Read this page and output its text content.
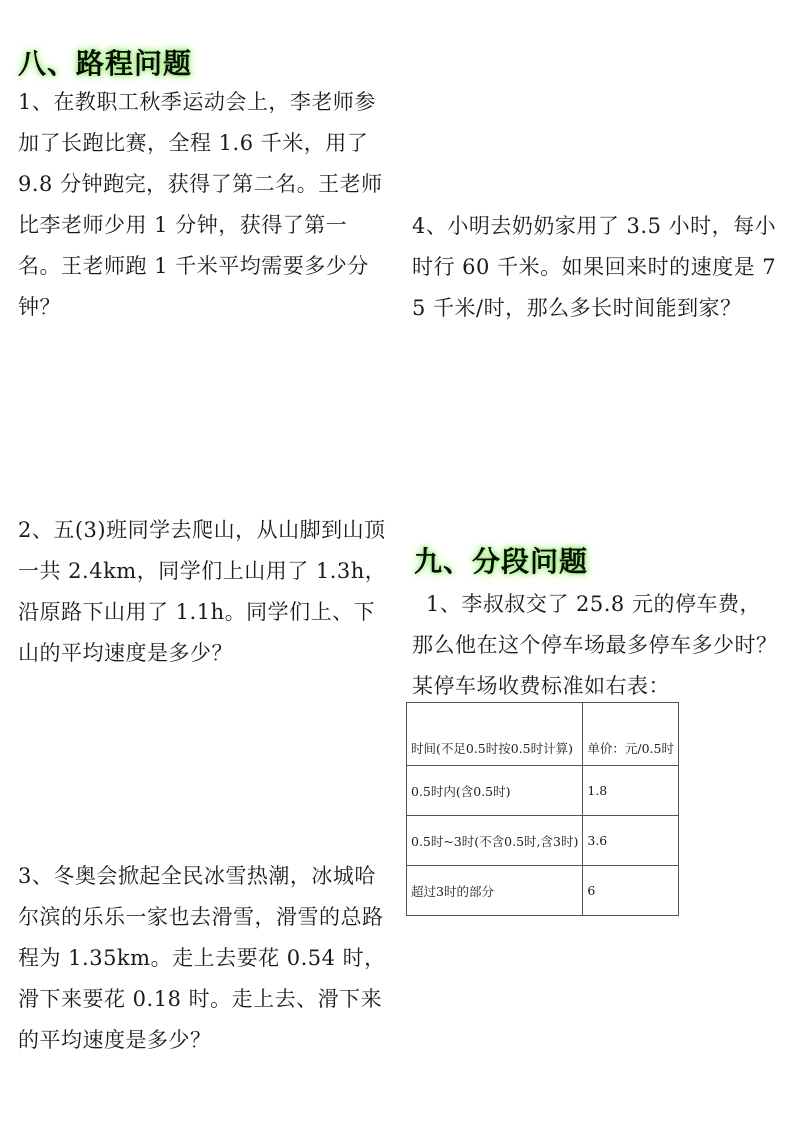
八、路程问题
1、在教职工秋季运动会上，李老师参加了长跑比赛，全程 1.6 千米，用了 9.8 分钟跑完，获得了第二名。王老师比李老师少用 1 分钟，获得了第一名。王老师跑 1 千米平均需要多少分钟？
2、五(3)班同学去爬山，从山脚到山顶一共 2.4km，同学们上山用了 1.3h，沿原路下山用了 1.1h。同学们上、下山的平均速度是多少？
3、冬奥会掀起全民冰雪热潮，冰城哈尔滨的乐乐一家也去滑雪，滑雪的总路程为 1.35km。走上去要花 0.54 时，滑下来要花 0.18 时。走上去、滑下来的平均速度是多少？
4、小明去奶奶家用了 3.5 小时，每小时行 60 千米。如果回来时的速度是 75 千米/时，那么多长时间能到家？
九、分段问题
1、李叔叔交了 25.8 元的停车费，那么他在这个停车场最多停车多少时？某停车场收费标准如右表：
时间(不足0.5时按0.5时计算)	单价：元/0.5时
0.5时内(含0.5时)	1.8
0.5时~3时(不含0.5时,含3时)	3.6
超过3时的部分	6
